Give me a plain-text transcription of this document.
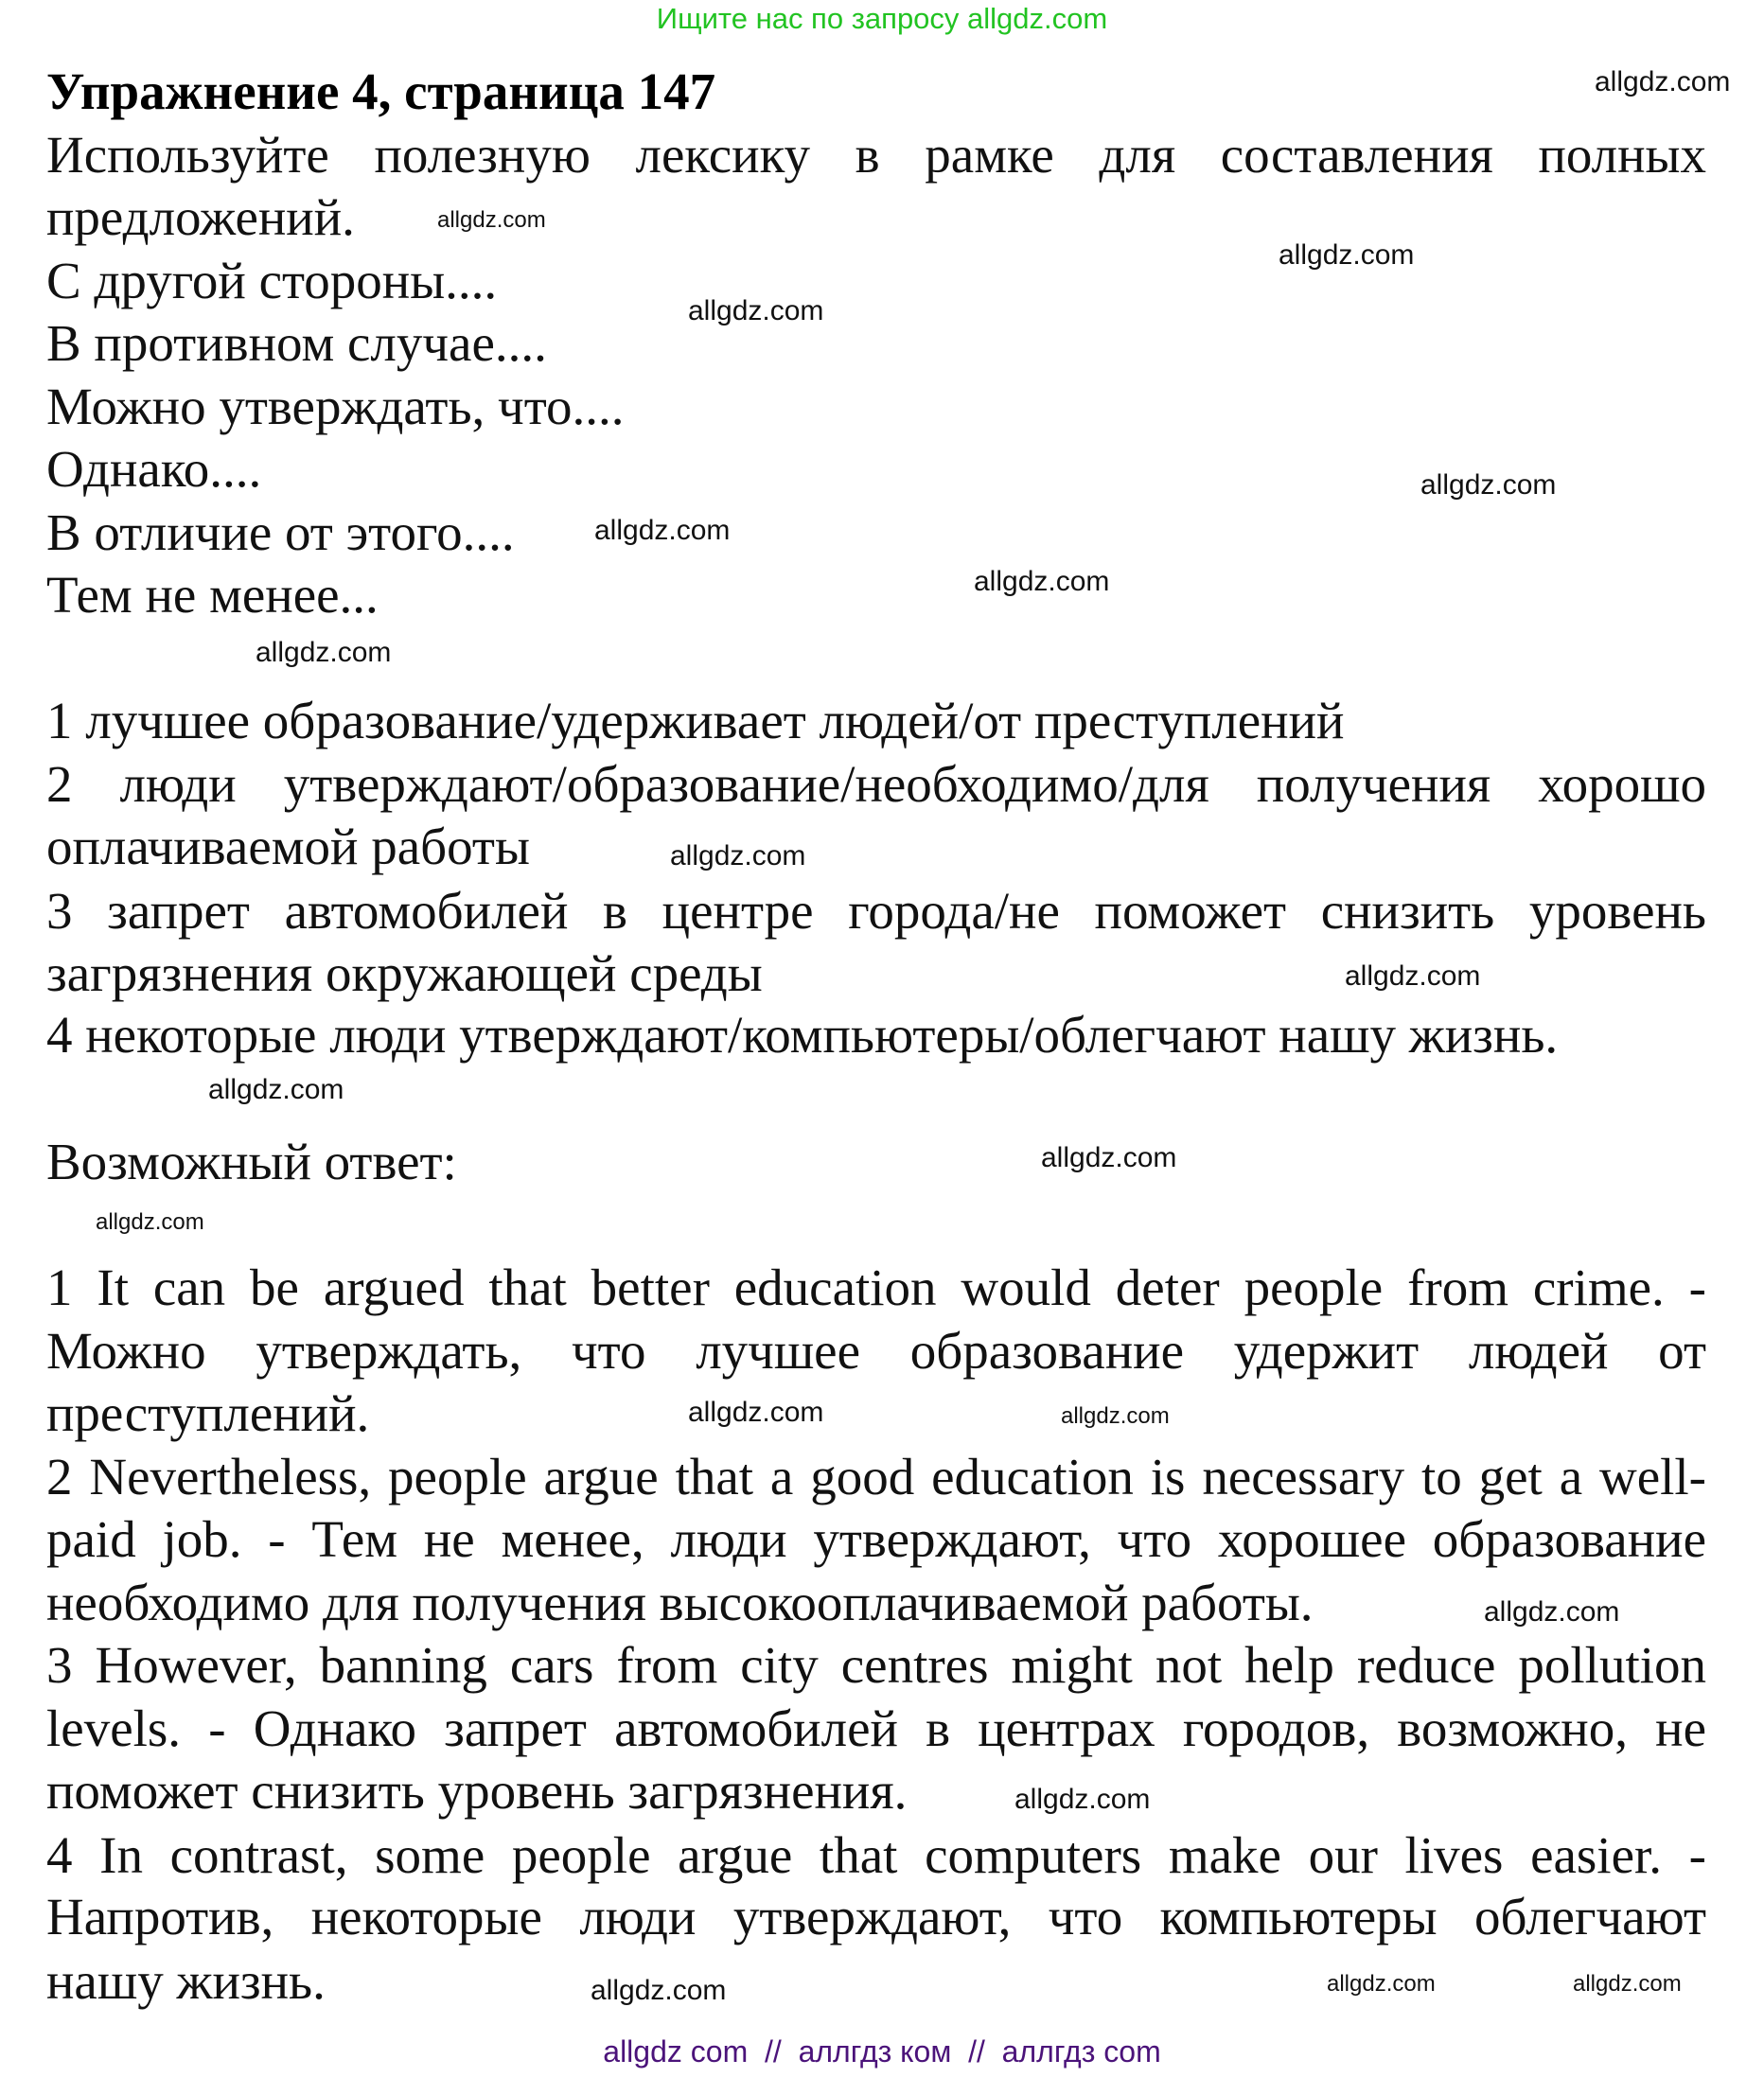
Ищите нас по запросу allgdz.com
Упражнение 4, страница 147
Используйте полезную лексику в рамке для составления полных
предложений.
С другой стороны....
В противном случае....
Можно утверждать, что....
Однако....
В отличие от этого....
Тем не менее...
1 лучшее образование/удерживает людей/от преступлений
2 люди утверждают/образование/необходимо/для получения хорошо
оплачиваемой работы
3 запрет автомобилей в центре города/не поможет снизить уровень
загрязнения окружающей среды
4 некоторые люди утверждают/компьютеры/облегчают нашу жизнь.
Возможный ответ:
1 It can be argued that better education would deter people from crime. -
Можно утверждать, что лучшее образование удержит людей от
преступлений.
2 Nevertheless, people argue that a good education is necessary to get a well-
paid job. - Тем не менее, люди утверждают, что хорошее образование
необходимо для получения высокооплачиваемой работы.
3 However, banning cars from city centres might not help reduce pollution
levels. - Однако запрет автомобилей в центрах городов, возможно, не
поможет снизить уровень загрязнения.
4 In contrast, some people argue that computers make our lives easier. -
Напротив, некоторые люди утверждают, что компьютеры облегчают
нашу жизнь.
allgdz.com
allgdz.com
allgdz.com
allgdz.com
allgdz.com
allgdz.com
allgdz.com
allgdz.com
allgdz.com
allgdz.com
allgdz.com
allgdz.com
allgdz.com
allgdz.com	allgdz.com
allgdz.com
allgdz.com
allgdz.com
allgdz.com
allgdz.com
allgdz com  //  аллгдз ком  //  аллгдз com
